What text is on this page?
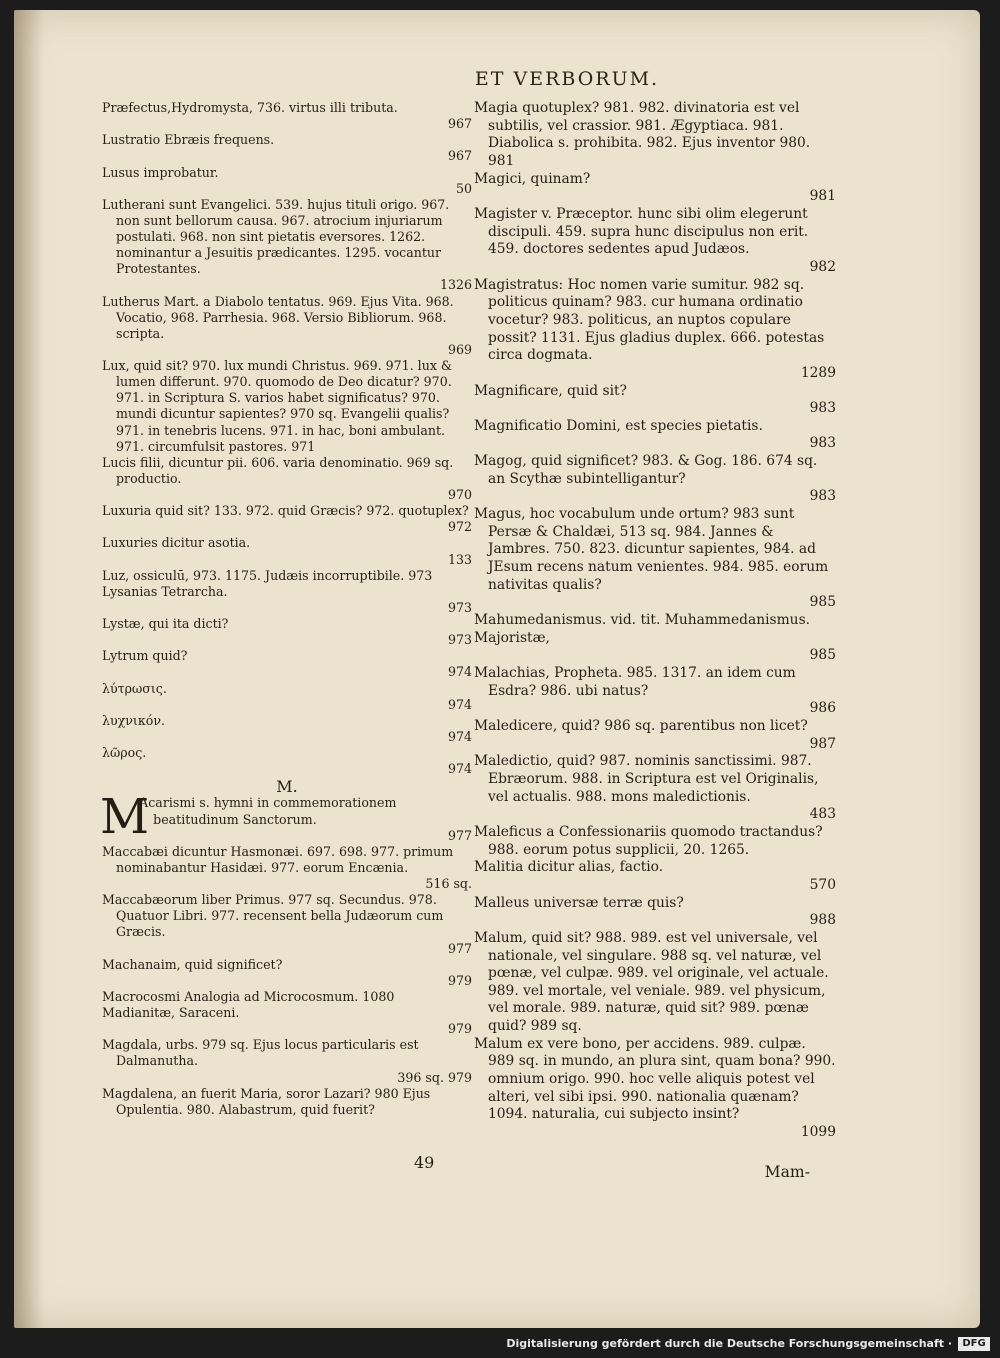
ET VERBORUM.

Præfectus,Hydromysta, 736. virtus illi tributa.
967

Lustratio Ebræis frequens.
967

Lusus improbatur.
50

Lutherani sunt Evangelici. 539. hujus tituli origo. 967. non sunt bellorum causa. 967. atrocium injuriarum postulati. 968. non sint pietatis eversores. 1262. nominantur a Jesuitis prædicantes. 1295. vocantur Protestantes.
1326

Lutherus Mart. a Diabolo tentatus. 969. Ejus Vita. 968. Vocatio, 968. Parrhesia. 968. Versio Bibliorum. 968. scripta.
969

Lux, quid sit? 970. lux mundi Christus. 969. 971. lux & lumen differunt. 970. quomodo de Deo dicatur? 970. 971. in Scriptura S. varios habet significatus? 970. mundi dicuntur sapientes? 970 sq. Evangelii qualis? 971. in tenebris lucens. 971. in hac, boni ambulant. 971. circumfulsit pastores. 971

Lucis filii, dicuntur pii. 606. varia denominatio. 969 sq. productio.
970

Luxuria quid sit? 133. 972. quid Græcis? 972. quotuplex?
972

Luxuries dicitur asotia.
133

Luz, ossiculū, 973. 1175. Judæis incorruptibile. 973

Lysanias Tetrarcha.
973

Lystæ, qui ita dicti?
973

Lytrum quid?
974

λύτρωσις.
974

λυχνικόν.
974

λῶρος.
974

M.
M

Acarismi s. hymni in commemorationem beatitudinum Sanctorum.
977

Maccabæi dicuntur Hasmonæi. 697. 698. 977. primum nominabantur Hasidæi. 977. eorum Encænia.
516 sq.

Maccabæorum liber Primus. 977 sq. Secundus. 978. Quatuor Libri. 977. recensent bella Judæorum cum Græcis.
977

Machanaim, quid significet?
979

Macrocosmi Analogia ad Microcosmum. 1080

Madianitæ, Saraceni.
979

Magdala, urbs. 979 sq. Ejus locus particularis est Dalmanutha.
396 sq. 979

Magdalena, an fuerit Maria, soror Lazari? 980 Ejus Opulentia. 980. Alabastrum, quid fuerit?

Magia quotuplex? 981. 982. divinatoria est vel subtilis, vel crassior. 981. Ægyptiaca. 981. Diabolica s. prohibita. 982. Ejus inventor 980. 981

Magici, quinam?
981

Magister v. Præceptor. hunc sibi olim elegerunt discipuli. 459. supra hunc discipulus non erit. 459. doctores sedentes apud Judæos.
982

Magistratus: Hoc nomen varie sumitur. 982 sq. politicus quinam? 983. cur humana ordinatio vocetur? 983. politicus, an nuptos copulare possit? 1131. Ejus gladius duplex. 666. potestas circa dogmata.
1289

Magnificare, quid sit?
983

Magnificatio Domini, est species pietatis.
983

Magog, quid significet? 983. & Gog. 186. 674 sq. an Scythæ subintelligantur?
983

Magus, hoc vocabulum unde ortum? 983 sunt Persæ & Chaldæi, 513 sq. 984. Jannes & Jambres. 750. 823. dicuntur sapientes, 984. ad JEsum recens natum venientes. 984. 985. eorum nativitas qualis?
985

Mahumedanismus. vid. tit. Muhammedanismus.

Majoristæ,
985

Malachias, Propheta. 985. 1317. an idem cum Esdra? 986. ubi natus?
986

Maledicere, quid? 986 sq. parentibus non licet?
987

Maledictio, quid? 987. nominis sanctissimi. 987. Ebræorum. 988. in Scriptura est vel Originalis, vel actualis. 988. mons maledictionis.
483

Maleficus a Confessionariis quomodo tractandus? 988. eorum potus supplicii, 20. 1265.

Malitia dicitur alias, factio.
570

Malleus universæ terræ quis?
988

Malum, quid sit? 988. 989. est vel universale, vel nationale, vel singulare. 988 sq. vel naturæ, vel pœnæ, vel culpæ. 989. vel originale, vel actuale. 989. vel mortale, vel veniale. 989. vel physicum, vel morale. 989. naturæ, quid sit? 989. pœnæ quid? 989 sq.

Malum ex vere bono, per accidens. 989. culpæ. 989 sq. in mundo, an plura sint, quam bona? 990. omnium origo. 990. hoc velle aliquis potest vel alteri, vel sibi ipsi. 990. nationalia quænam? 1094. naturalia, cui subjecto insint?
1099

49	Mam-
Digitalisierung gefördert durch die Deutsche Forschungsgemeinschaft ·	DFG
